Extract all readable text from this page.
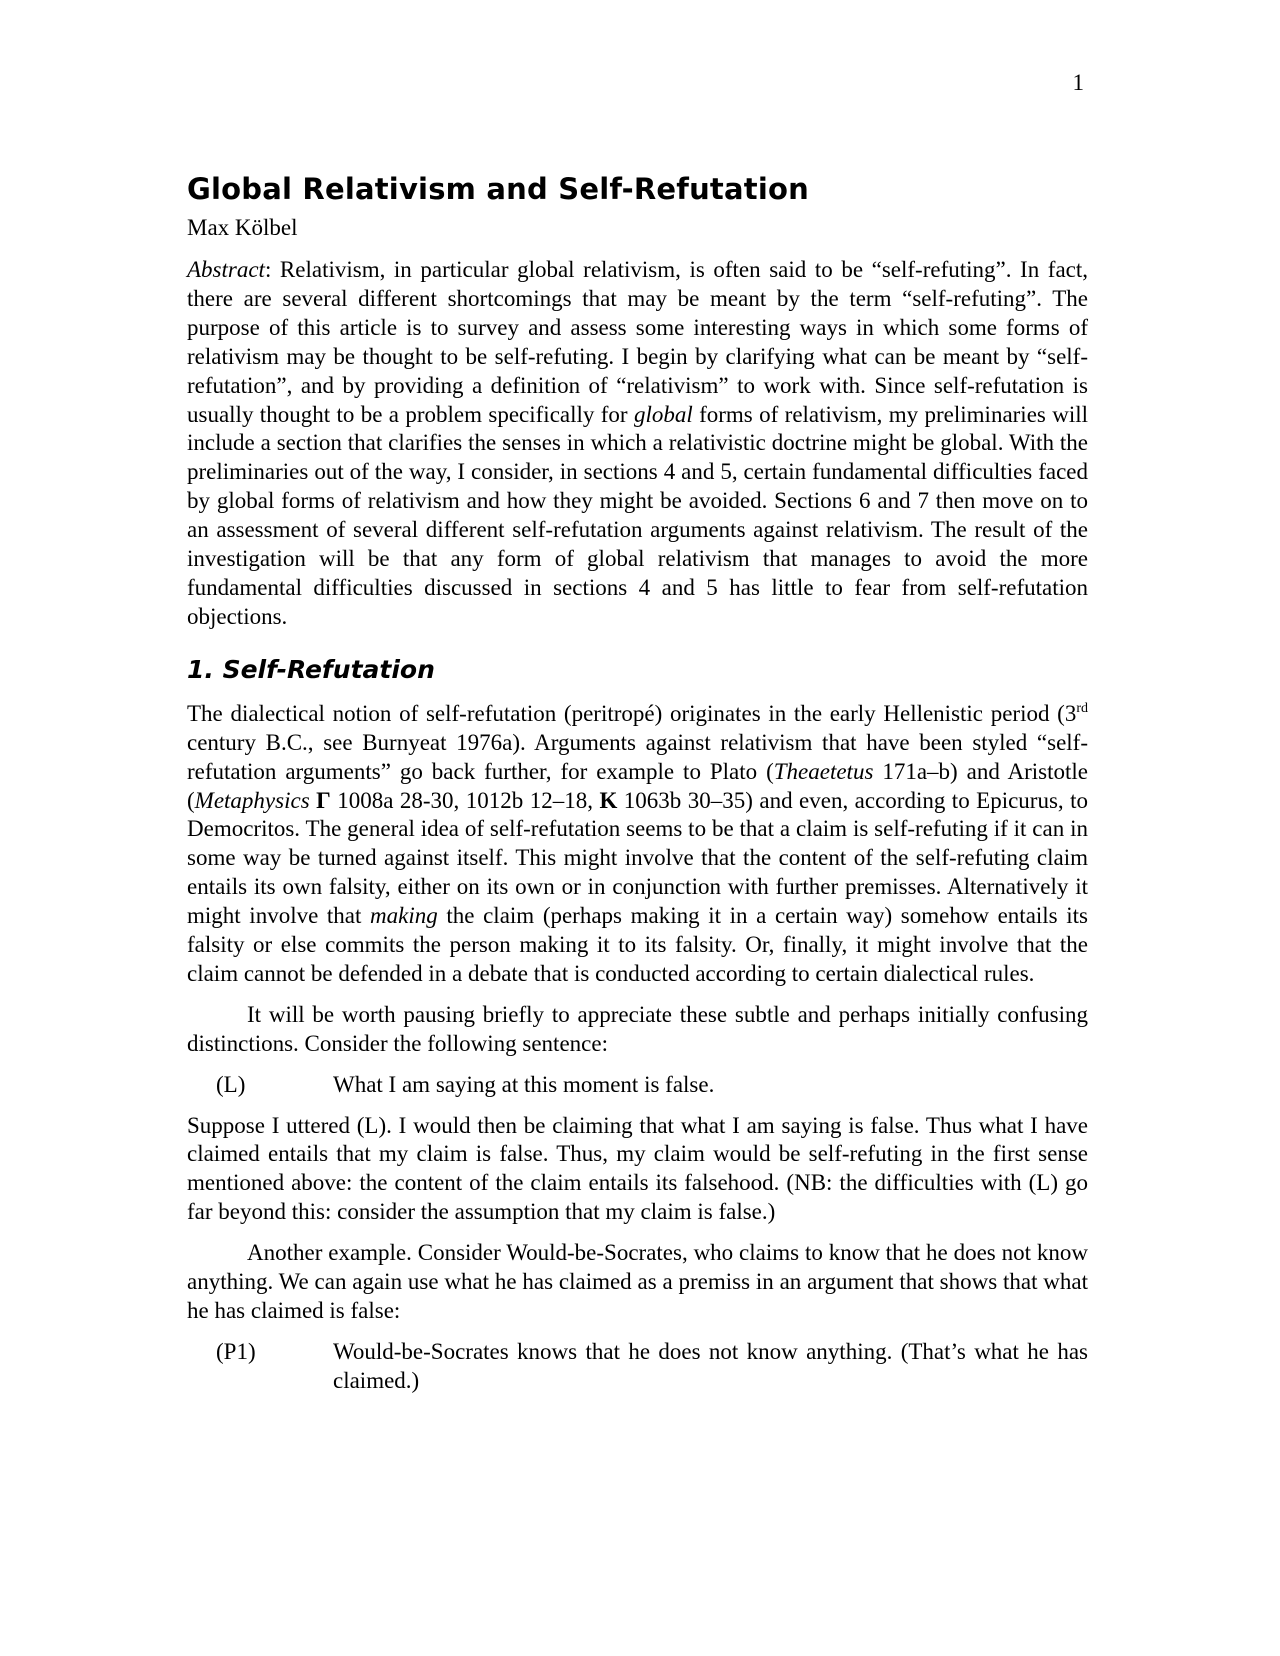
1
Global Relativism and Self-Refutation
Max Kölbel

Abstract: Relativism, in particular global relativism, is often said to be “self-refuting”. In fact, there are several different shortcomings that may be meant by the term “self-refuting”. The purpose of this article is to survey and assess some interesting ways in which some forms of relativism may be thought to be self-refuting. I begin by clarifying what can be meant by “self-refutation”, and by providing a definition of “relativism” to work with. Since self-refutation is usually thought to be a problem specifically for global forms of relativism, my preliminaries will include a section that clarifies the senses in which a relativistic doctrine might be global. With the preliminaries out of the way, I consider, in sections 4 and 5, certain fundamental difficulties faced by global forms of relativism and how they might be avoided. Sections 6 and 7 then move on to an assessment of several different self-refutation arguments against relativism. The result of the investigation will be that any form of global relativism that manages to avoid the more fundamental difficulties discussed in sections 4 and 5 has little to fear from self-refutation objections.

1. Self-Refutation

The dialectical notion of self-refutation (peritropé) originates in the early Hellenistic period (3rd century B.C., see Burnyeat 1976a). Arguments against relativism that have been styled “self-refutation arguments” go back further, for example to Plato (Theaetetus 171a–b) and Aristotle (Metaphysics Γ 1008a 28-30, 1012b 12–18, Κ 1063b 30–35) and even, according to Epicurus, to Democritos. The general idea of self-refutation seems to be that a claim is self-refuting if it can in some way be turned against itself. This might involve that the content of the self-refuting claim entails its own falsity, either on its own or in conjunction with further premisses. Alternatively it might involve that making the claim (perhaps making it in a certain way) somehow entails its falsity or else commits the person making it to its falsity. Or, finally, it might involve that the claim cannot be defended in a debate that is conducted according to certain dialectical rules.

It will be worth pausing briefly to appreciate these subtle and perhaps initially confusing distinctions. Consider the following sentence:

(L)	What I am saying at this moment is false.

Suppose I uttered (L). I would then be claiming that what I am saying is false. Thus what I have claimed entails that my claim is false. Thus, my claim would be self-refuting in the first sense mentioned above: the content of the claim entails its falsehood. (NB: the difficulties with (L) go far beyond this: consider the assumption that my claim is false.)

Another example. Consider Would-be-Socrates, who claims to know that he does not know anything. We can again use what he has claimed as a premiss in an argument that shows that what he has claimed is false:

(P1)	Would-be-Socrates knows that he does not know anything. (That’s what he has claimed.)
